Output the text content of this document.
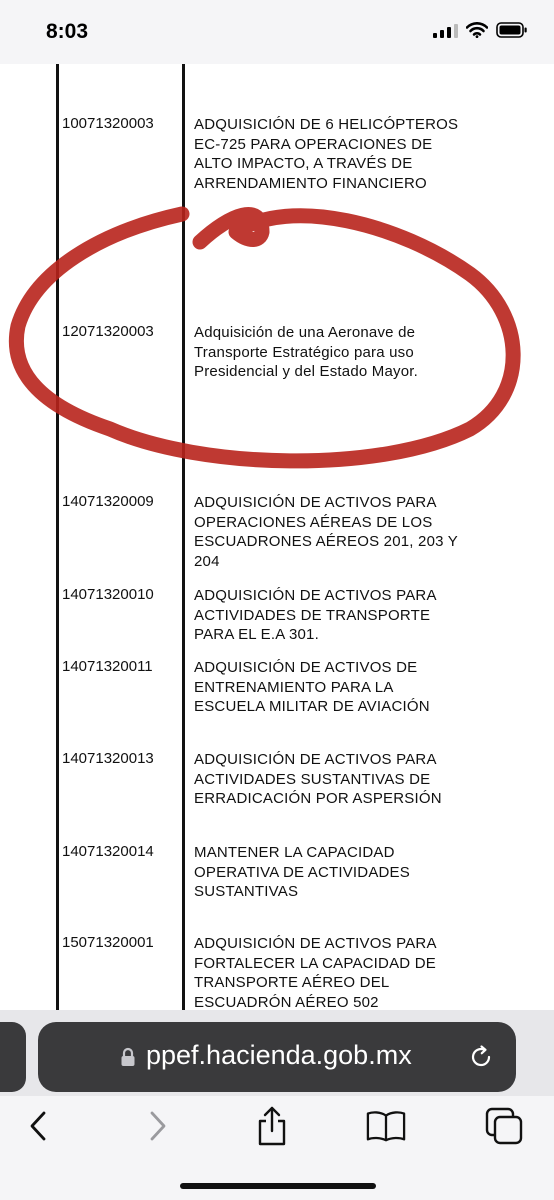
8:03
10071320003	ADQUISICIÓN DE 6 HELICÓPTEROS
EC-725 PARA OPERACIONES DE
ALTO IMPACTO, A TRAVÉS DE
ARRENDAMIENTO FINANCIERO
12071320003	Adquisición de una Aeronave de
Transporte Estratégico para uso
Presidencial y del Estado Mayor.
14071320009	ADQUISICIÓN DE ACTIVOS PARA
OPERACIONES AÉREAS DE LOS
ESCUADRONES AÉREOS 201, 203 Y
204
14071320010	ADQUISICIÓN DE ACTIVOS PARA
ACTIVIDADES DE TRANSPORTE
PARA EL E.A 301.
14071320011	ADQUISICIÓN DE ACTIVOS DE
ENTRENAMIENTO PARA LA
ESCUELA MILITAR DE AVIACIÓN
14071320013	ADQUISICIÓN DE ACTIVOS PARA
ACTIVIDADES SUSTANTIVAS DE
ERRADICACIÓN POR ASPERSIÓN
14071320014	MANTENER LA CAPACIDAD
OPERATIVA DE ACTIVIDADES
SUSTANTIVAS
15071320001	ADQUISICIÓN DE ACTIVOS PARA
FORTALECER LA CAPACIDAD DE
TRANSPORTE AÉREO DEL
ESCUADRÓN AÉREO 502
ppef.hacienda.gob.mx
